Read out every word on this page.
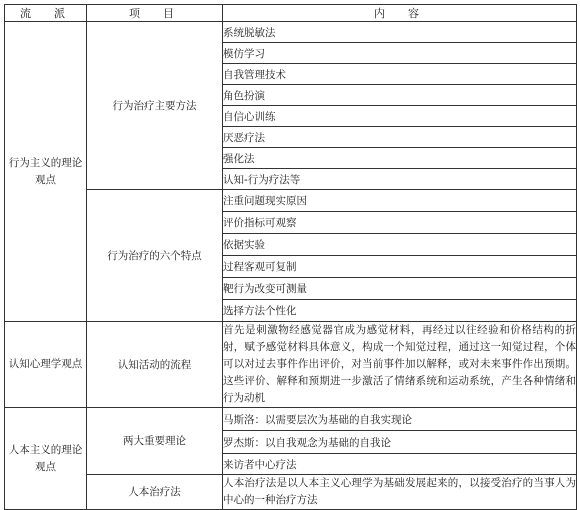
流　派	项　目	内　容
行为主义的理论观点	行为治疗主要方法	系统脱敏法
		模仿学习
		自我管理技术
		角色扮演
		自信心训练
		厌恶疗法
		强化法
		认知-行为疗法等
	行为治疗的六个特点	注重问题现实原因
		评价指标可观察
		依据实验
		过程客观可复制
		靶行为改变可测量
		选择方法个性化
认知心理学观点	认知活动的流程	首先是刺激物经感觉器官成为感觉材料，再经过以往经验和价格结构的折射，赋予感觉材料具体意义，构成一个知觉过程，通过这一知觉过程，个体可以对过去事件作出评价，对当前事件加以解释，或对未来事件作出预期。这些评价、解释和预期进一步激活了情绪系统和运动系统，产生各种情绪和行为动机
人本主义的理论观点	两大重要理论	马斯洛：以需要层次为基础的自我实现论
		罗杰斯：以自我观念为基础的自我论
		来访者中心疗法
	人本治疗法	人本治疗法是以人本主义心理学为基础发展起来的，以接受治疗的当事人为中心的一种治疗方法
